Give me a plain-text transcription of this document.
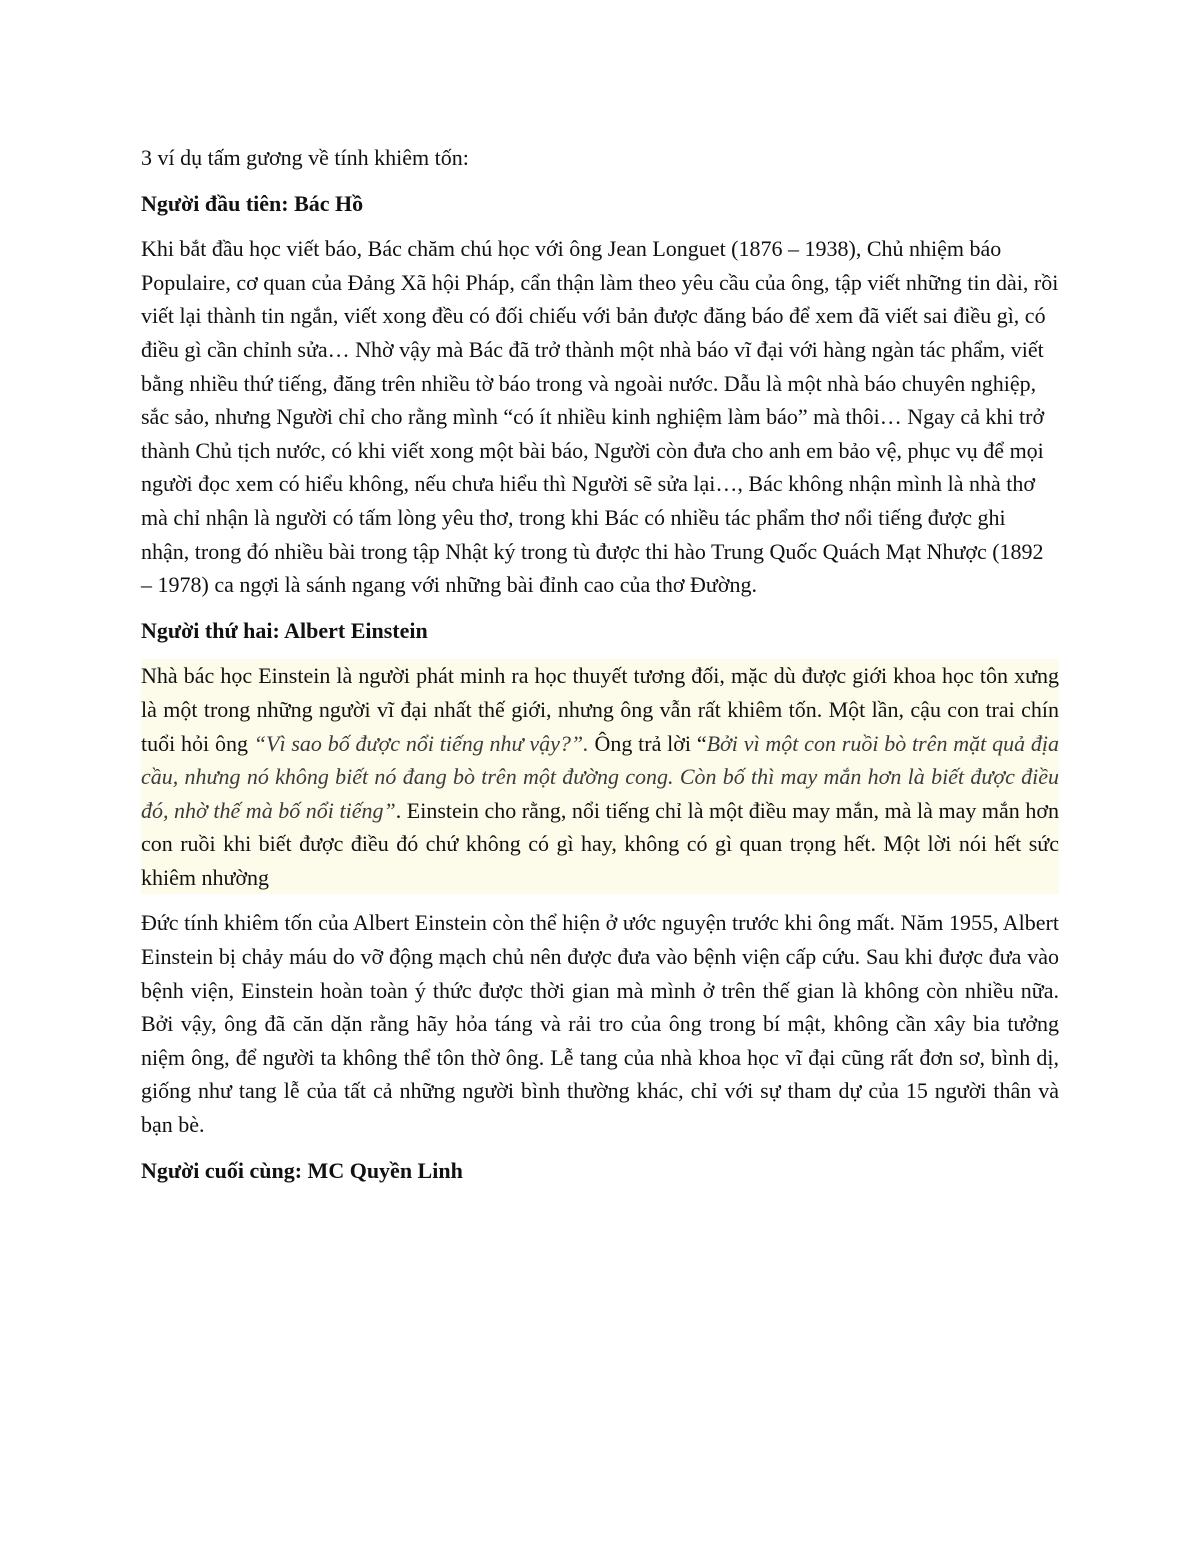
3 ví dụ tấm gương về tính khiêm tốn:

Người đầu tiên: Bác Hồ

Khi bắt đầu học viết báo, Bác chăm chú học với ông Jean Longuet (1876 – 1938), Chủ nhiệm báo Populaire, cơ quan của Đảng Xã hội Pháp, cẩn thận làm theo yêu cầu của ông, tập viết những tin dài, rồi viết lại thành tin ngắn, viết xong đều có đối chiếu với bản được đăng báo để xem đã viết sai điều gì, có điều gì cần chỉnh sửa… Nhờ vậy mà Bác đã trở thành một nhà báo vĩ đại với hàng ngàn tác phẩm, viết bằng nhiều thứ tiếng, đăng trên nhiều tờ báo trong và ngoài nước. Dẫu là một nhà báo chuyên nghiệp, sắc sảo, nhưng Người chỉ cho rằng mình “có ít nhiều kinh nghiệm làm báo” mà thôi… Ngay cả khi trở thành Chủ tịch nước, có khi viết xong một bài báo, Người còn đưa cho anh em bảo vệ, phục vụ để mọi người đọc xem có hiểu không, nếu chưa hiểu thì Người sẽ sửa lại…, Bác không nhận mình là nhà thơ mà chỉ nhận là người có tấm lòng yêu thơ, trong khi Bác có nhiều tác phẩm thơ nổi tiếng được ghi nhận, trong đó nhiều bài trong tập Nhật ký trong tù được thi hào Trung Quốc Quách Mạt Nhược (1892 – 1978) ca ngợi là sánh ngang với những bài đỉnh cao của thơ Đường.

Người thứ hai: Albert Einstein

Nhà bác học Einstein là người phát minh ra học thuyết tương đối, mặc dù được giới khoa học tôn xưng là một trong những người vĩ đại nhất thế giới, nhưng ông vẫn rất khiêm tốn. Một lần, cậu con trai chín tuổi hỏi ông “Vì sao bố được nổi tiếng như vậy?”. Ông trả lời “Bởi vì một con ruồi bò trên mặt quả địa cầu, nhưng nó không biết nó đang bò trên một đường cong. Còn bố thì may mắn hơn là biết được điều đó, nhờ thế mà bố nổi tiếng”. Einstein cho rằng, nổi tiếng chỉ là một điều may mắn, mà là may mắn hơn con ruồi khi biết được điều đó chứ không có gì hay, không có gì quan trọng hết. Một lời nói hết sức khiêm nhường

Đức tính khiêm tốn của Albert Einstein còn thể hiện ở ước nguyện trước khi ông mất. Năm 1955, Albert Einstein bị chảy máu do vỡ động mạch chủ nên được đưa vào bệnh viện cấp cứu. Sau khi được đưa vào bệnh viện, Einstein hoàn toàn ý thức được thời gian mà mình ở trên thế gian là không còn nhiều nữa. Bởi vậy, ông đã căn dặn rằng hãy hỏa táng và rải tro của ông trong bí mật, không cần xây bia tưởng niệm ông, để người ta không thể tôn thờ ông. Lễ tang của nhà khoa học vĩ đại cũng rất đơn sơ, bình dị, giống như tang lễ của tất cả những người bình thường khác, chỉ với sự tham dự của 15 người thân và bạn bè.

Người cuối cùng: MC Quyền Linh
